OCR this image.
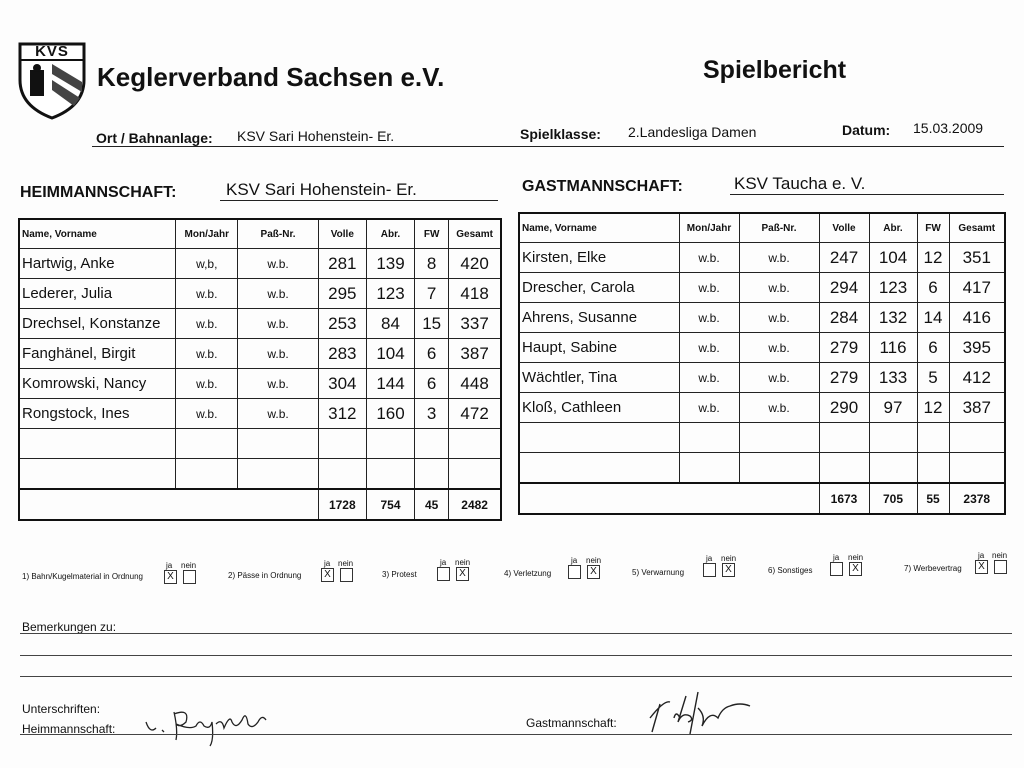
KVS
Keglerverband Sachsen e.V.	Spielbericht
Ort / Bahnanlage: KSV Sari Hohenstein- Er.	Spielklasse: 2.Landesliga Damen	Datum: 15.03.2009
HEIMMANNSCHAFT:	KSV Sari Hohenstein- Er.	GASTMANNSCHAFT:	KSV Taucha e. V.
Name, Vorname	Mon/Jahr	Paß-Nr.	Volle	Abr.	FW	Gesamt
Hartwig, Anke	w,b,	w.b.	281	139	8	420
Lederer, Julia	w.b.	w.b.	295	123	7	418
Drechsel, Konstanze	w.b.	w.b.	253	84	15	337
Fanghänel, Birgit	w.b.	w.b.	283	104	6	387
Komrowski, Nancy	w.b.	w.b.	304	144	6	448
Rongstock, Ines	w.b.	w.b.	312	160	3	472

			1728	754	45	2482
Name, Vorname	Mon/Jahr	Paß-Nr.	Volle	Abr.	FW	Gesamt
Kirsten, Elke	w.b.	w.b.	247	104	12	351
Drescher, Carola	w.b.	w.b.	294	123	6	417
Ahrens, Susanne	w.b.	w.b.	284	132	14	416
Haupt, Sabine	w.b.	w.b.	279	116	6	395
Wächtler, Tina	w.b.	w.b.	279	133	5	412
Kloß, Cathleen	w.b.	w.b.	290	97	12	387

			1673	705	55	2378
1) Bahn/Kugelmaterial in Ordnung
ja nein
X	2) Pässe in Ordnung
ja nein
X	3) Protest
ja nein
X	4) Verletzung
ja nein
X	5) Verwarnung
ja nein
X	6) Sonstiges
ja nein
X	7) Werbevertrag
ja nein
X
Bemerkungen zu:
Unterschriften:
Heimmannschaft:	Gastmannschaft:
